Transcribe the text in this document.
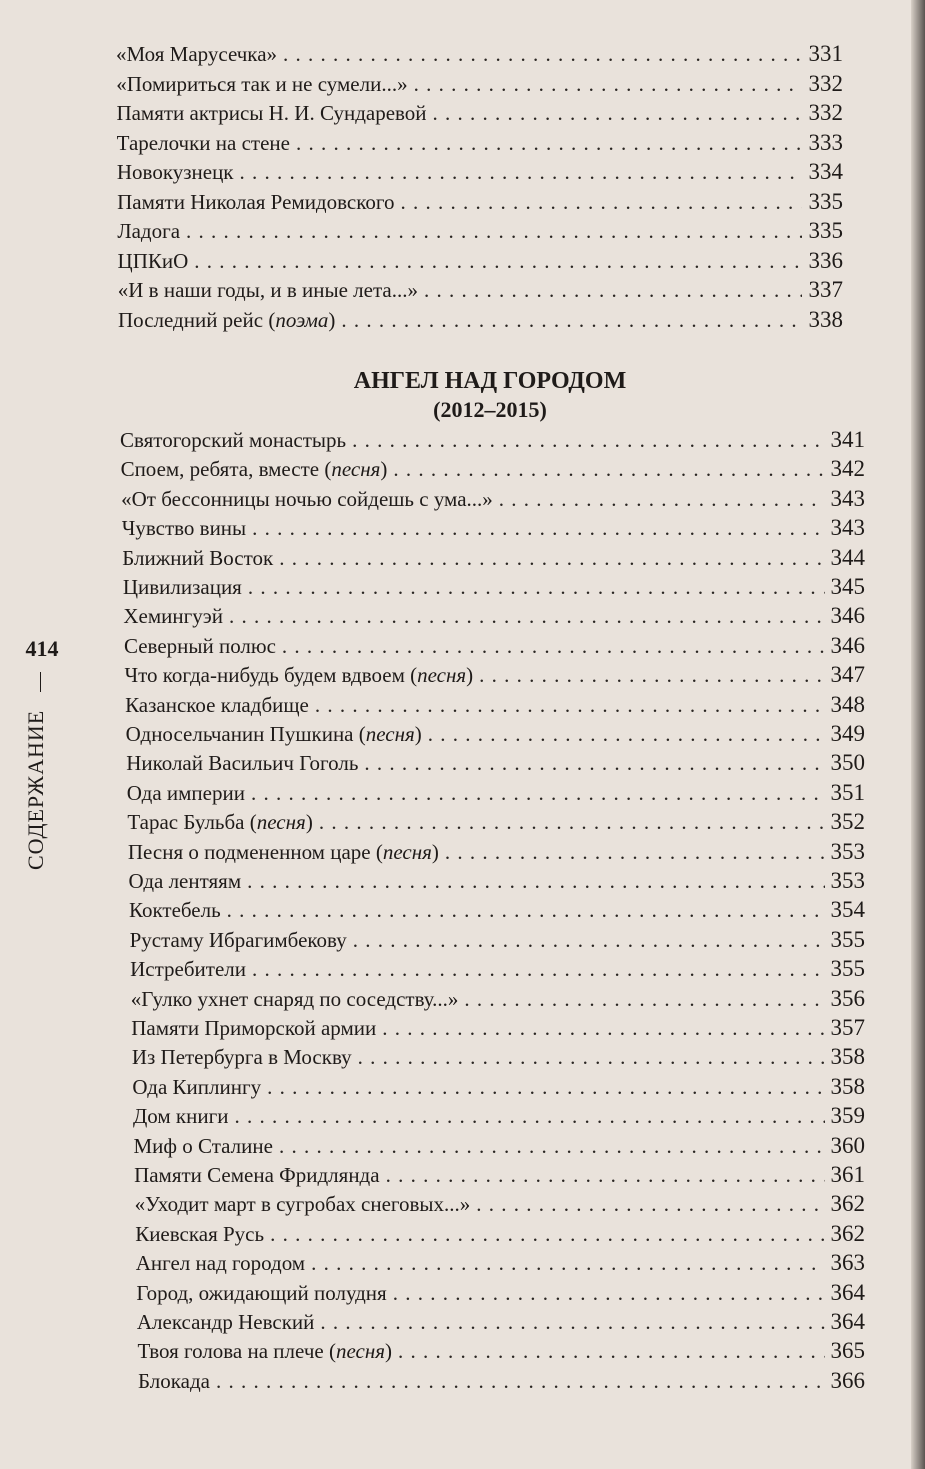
414
СОДЕРЖАНИЕ
«Моя Марусечка» . . .	331
«Помириться так и не сумели...» . . .	332
Памяти актрисы Н. И. Сундаревой . . .	332
Тарелочки на стене . . .	333
Новокузнецк . . .	334
Памяти Николая Ремидовского . . .	335
Ладога . . .	335
ЦПКиО . . .	336
«И в наши годы, и в иные лета...» . . .	337
Последний рейс (поэма) . . .	338
АНГЕЛ НАД ГОРОДОМ
(2012–2015)
Святогорский монастырь . . .	341
Споем, ребята, вместе (песня) . . .	342
«От бессонницы ночью сойдешь с ума...» . . .	343
Чувство вины . . .	343
Ближний Восток . . .	344
Цивилизация . . .	345
Хемингуэй . . .	346
Северный полюс . . .	346
Что когда-нибудь будем вдвоем (песня) . . .	347
Казанское кладбище . . .	348
Односельчанин Пушкина (песня) . . .	349
Николай Васильич Гоголь . . .	350
Ода империи . . .	351
Тарас Бульба (песня) . . .	352
Песня о подмененном царе (песня) . . .	353
Ода лентяям . . .	353
Коктебель . . .	354
Рустаму Ибрагимбекову . . .	355
Истребители . . .	355
«Гулко ухнет снаряд по соседству...» . . .	356
Памяти Приморской армии . . .	357
Из Петербурга в Москву . . .	358
Ода Киплингу . . .	358
Дом книги . . .	359
Миф о Сталине . . .	360
Памяти Семена Фридлянда . . .	361
«Уходит март в сугробах снеговых...» . . .	362
Киевская Русь . . .	362
Ангел над городом . . .	363
Город, ожидающий полудня . . .	364
Александр Невский . . .	364
Твоя голова на плече (песня) . . .	365
Блокада . . .	366
